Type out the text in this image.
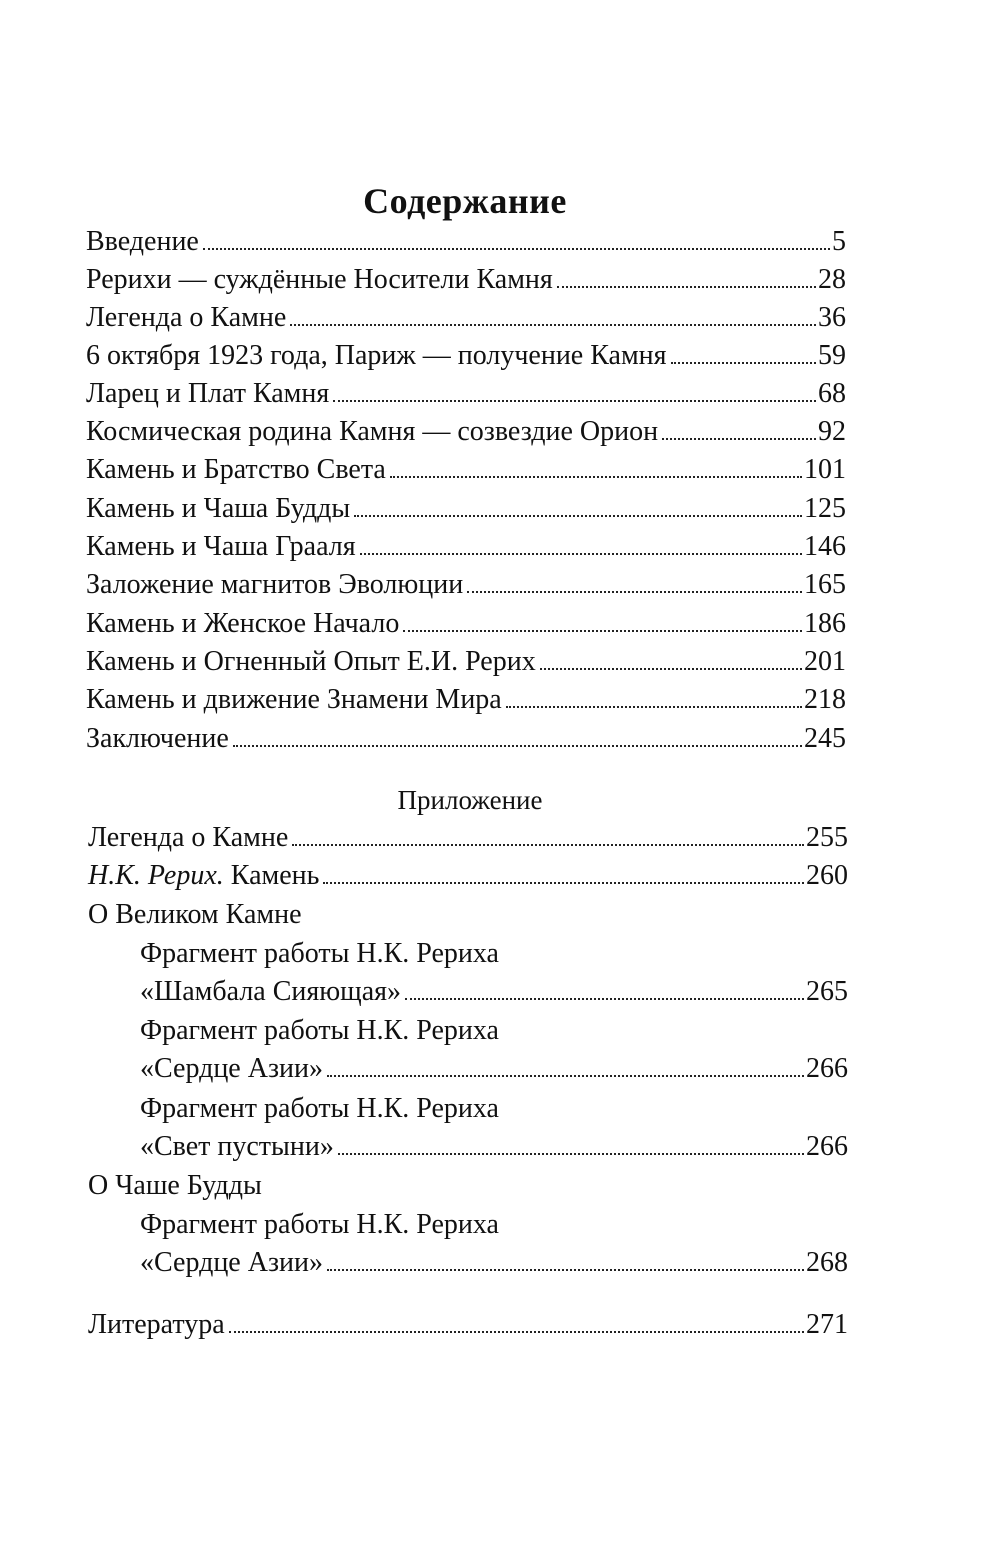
Содержание
Введение	5
Рерихи — суждённые Носители Камня	28
Легенда о Камне	36
6 октября 1923 года, Париж — получение Камня	59
Ларец и Плат Камня	68
Космическая родина Камня — созвездие Орион	92
Камень и Братство Света	101
Камень и Чаша Будды	125
Камень и Чаша Грааля	146
Заложение магнитов Эволюции	165
Камень и Женское Начало	186
Камень и Огненный Опыт Е.И. Рерих	201
Камень и движение Знамени Мира	218
Заключение	245
Приложение
Легенда о Камне	255
Н.К. Рерих. Камень	260
О Великом Камне
Фрагмент работы Н.К. Рериха
«Шамбала Сияющая»	265
Фрагмент работы Н.К. Рериха
«Сердце Азии»	266
Фрагмент работы Н.К. Рериха
«Свет пустыни»	266
О Чаше Будды
Фрагмент работы Н.К. Рериха
«Сердце Азии»	268
Литература	271
